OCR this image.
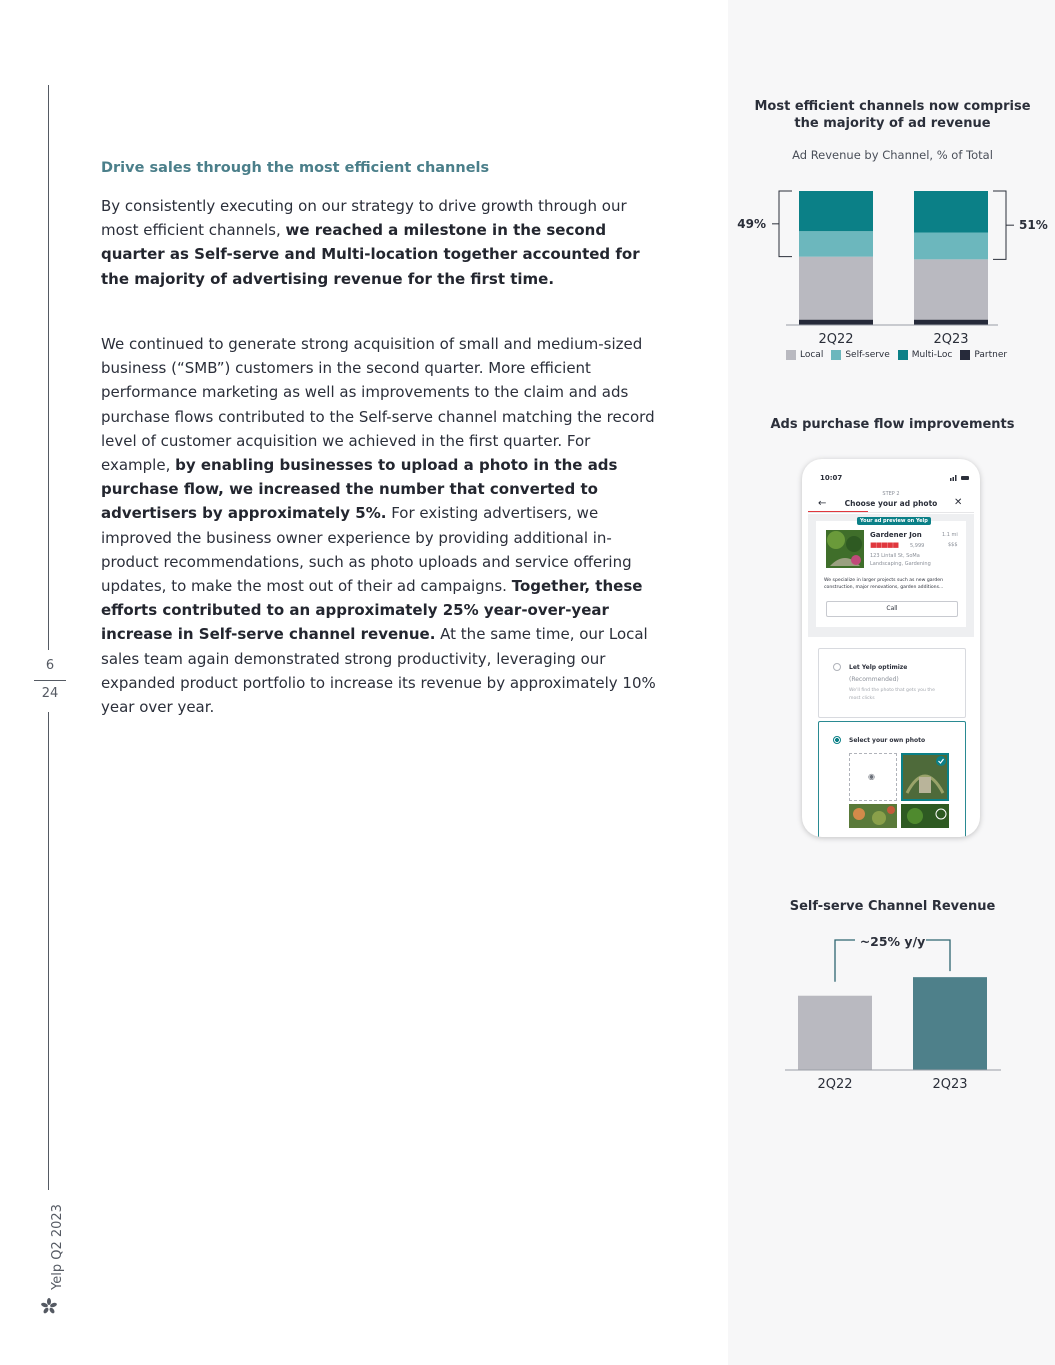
6
24
Yelp Q2 2023
Drive sales through the most efficient channels
By consistently executing on our strategy to drive growth through our most efficient channels, we reached a milestone in the second quarter as Self-serve and Multi-location together accounted for the majority of advertising revenue for the first time.
We continued to generate strong acquisition of small and medium-sized business (“SMB”) customers in the second quarter. More efficient performance marketing as well as improvements to the claim and ads purchase flows contributed to the Self-serve channel matching the record level of customer acquisition we achieved in the first quarter. For example, by enabling businesses to upload a photo in the ads purchase flow, we increased the number that converted to advertisers by approximately 5%. For existing advertisers, we improved the business owner experience by providing additional in-product recommendations, such as photo uploads and service offering updates, to make the most out of their ad campaigns. Together, these efforts contributed to an approximately 25% year-over-year increase in Self-serve channel revenue. At the same time, our Local sales team again demonstrated strong productivity, leveraging our expanded product portfolio to increase its revenue by approximately 10% year over year.
Most efficient channels now comprise the majority of ad revenue
Ad Revenue by Channel, % of Total
2Q22	2Q23
49%	51%
Local Self-serve Multi-Loc Partner
Ads purchase flow improvements
10:07
STEP 2
←	Choose your ad photo	✕
Your ad preview on Yelp
Gardener Jon	1.1 mi
■■■■■ 5,999	$$$
123 Lintall St, SoMa
Landscaping, Gardening
We specialize in larger projects such as new garden construction, major renovations, garden additions...
Call
Let Yelp optimize
(Recommended)
We'll find the photo that gets you the
most clicks
Select your own photo
◉
Self-serve Channel Revenue
2Q22	2Q23
~25% y/y
